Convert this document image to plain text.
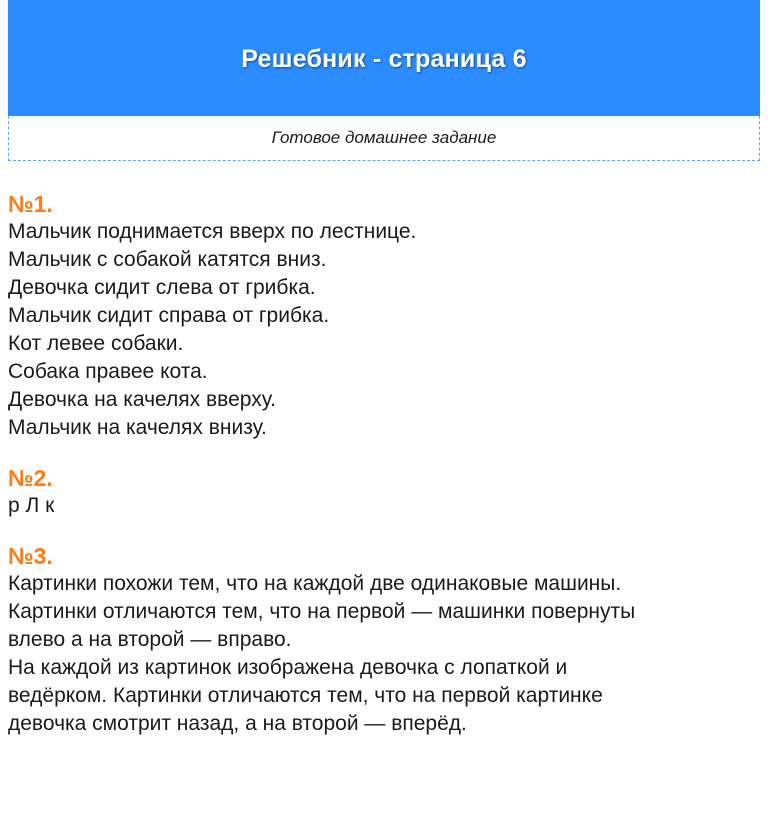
Решебник - страница 6
Готовое домашнее задание

№1.

Мальчик поднимается вверх по лестнице.

Мальчик с собакой катятся вниз.

Девочка сидит слева от грибка.

Мальчик сидит справа от грибка.

Кот левее собаки.

Собака правее кота.

Девочка на качелях вверху.

Мальчик на качелях внизу.

№2.

р Л к

№3.

Картинки похожи тем, что на каждой две одинаковые машины.

Картинки отличаются тем, что на первой — машинки повернуты

влево а на второй — вправо.

На каждой из картинок изображена девочка с лопаткой и

ведёрком. Картинки отличаются тем, что на первой картинке

девочка смотрит назад, а на второй — вперёд.
